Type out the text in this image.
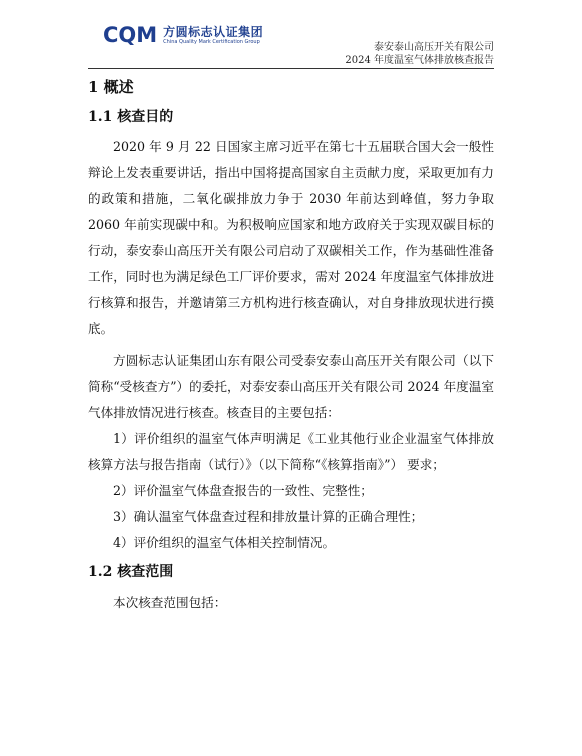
CQM 方圆标志认证集团
China Quality Mark Certification Group
泰安泰山高压开关有限公司
2024 年度温室气体排放核查报告
1 概述
1.1 核查目的

2020 年 9 月 22 日国家主席习近平在第七十五届联合国大会一般性辩论上发表重要讲话，指出中国将提高国家自主贡献力度，采取更加有力的政策和措施，二氧化碳排放力争于 2030 年前达到峰值，努力争取 2060 年前实现碳中和。为积极响应国家和地方政府关于实现双碳目标的行动，泰安泰山高压开关有限公司启动了双碳相关工作，作为基础性准备工作，同时也为满足绿色工厂评价要求，需对 2024 年度温室气体排放进行核算和报告，并邀请第三方机构进行核查确认，对自身排放现状进行摸底。

方圆标志认证集团山东有限公司受泰安泰山高压开关有限公司（以下简称“受核查方”）的委托，对泰安泰山高压开关有限公司 2024 年度温室气体排放情况进行核查。核查目的主要包括：

1）评价组织的温室气体声明满足《工业其他行业企业温室气体排放核算方法与报告指南（试行）》（以下简称“《核算指南》”） 要求；

2）评价温室气体盘查报告的一致性、完整性；

3）确认温室气体盘查过程和排放量计算的正确合理性；

4）评价组织的温室气体相关控制情况。

1.2 核查范围

本次核查范围包括：
